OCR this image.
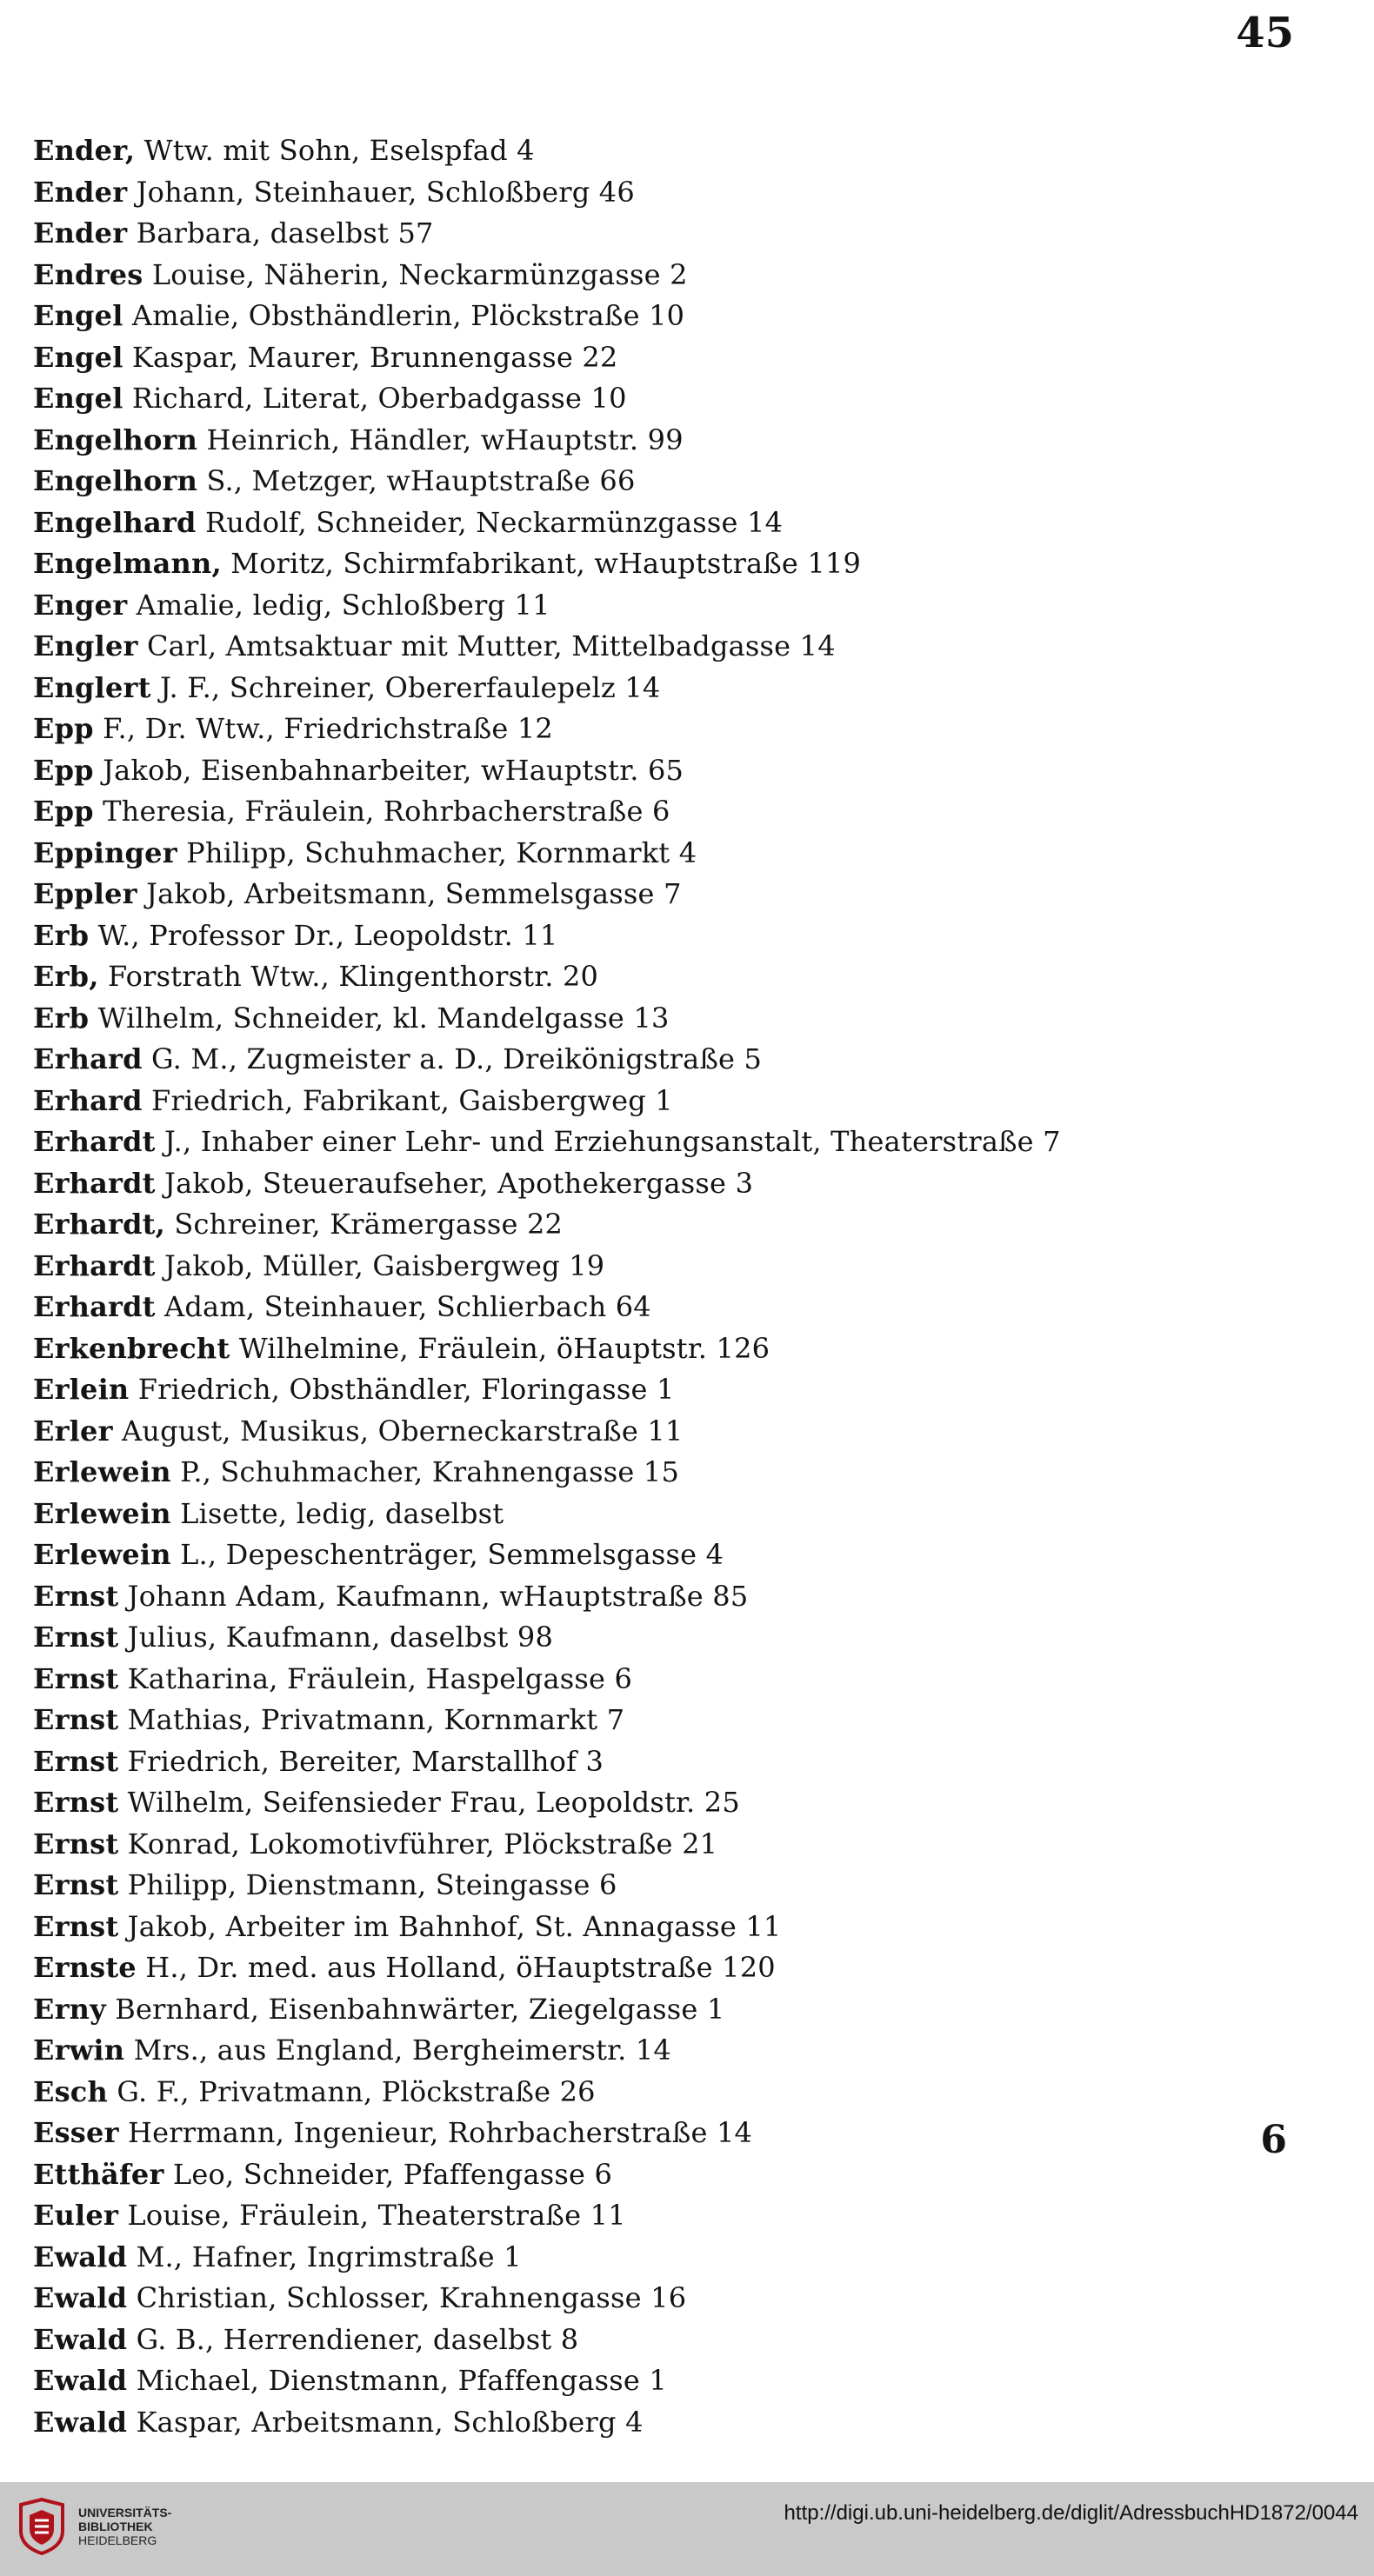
45
Ender, Wtw. mit Sohn, Eselspfad 4
Ender Johann, Steinhauer, Schloßberg 46
Ender Barbara, daselbst 57
Endres Louise, Näherin, Neckarmünzgasse 2
Engel Amalie, Obsthändlerin, Plöckstraße 10
Engel Kaspar, Maurer, Brunnengasse 22
Engel Richard, Literat, Oberbadgasse 10
Engelhorn Heinrich, Händler, wHauptstr. 99
Engelhorn S., Metzger, wHauptstraße 66
Engelhard Rudolf, Schneider, Neckarmünzgasse 14
Engelmann, Moritz, Schirmfabrikant, wHauptstraße 119
Enger Amalie, ledig, Schloßberg 11
Engler Carl, Amtsaktuar mit Mutter, Mittelbadgasse 14
Englert J. F., Schreiner, Obererfaulepelz 14
Epp F., Dr. Wtw., Friedrichstraße 12
Epp Jakob, Eisenbahnarbeiter, wHauptstr. 65
Epp Theresia, Fräulein, Rohrbacherstraße 6
Eppinger Philipp, Schuhmacher, Kornmarkt 4
Eppler Jakob, Arbeitsmann, Semmelsgasse 7
Erb W., Professor Dr., Leopoldstr. 11
Erb, Forstrath Wtw., Klingenthorstr. 20
Erb Wilhelm, Schneider, kl. Mandelgasse 13
Erhard G. M., Zugmeister a. D., Dreikönigstraße 5
Erhard Friedrich, Fabrikant, Gaisbergweg 1
Erhardt J., Inhaber einer Lehr- und Erziehungsanstalt, Theaterstraße 7
Erhardt Jakob, Steueraufseher, Apothekergasse 3
Erhardt, Schreiner, Krämergasse 22
Erhardt Jakob, Müller, Gaisbergweg 19
Erhardt Adam, Steinhauer, Schlierbach 64
Erkenbrecht Wilhelmine, Fräulein, öHauptstr. 126
Erlein Friedrich, Obsthändler, Floringasse 1
Erler August, Musikus, Oberneckarstraße 11
Erlewein P., Schuhmacher, Krahnengasse 15
Erlewein Lisette, ledig, daselbst
Erlewein L., Depeschenträger, Semmelsgasse 4
Ernst Johann Adam, Kaufmann, wHauptstraße 85
Ernst Julius, Kaufmann, daselbst 98
Ernst Katharina, Fräulein, Haspelgasse 6
Ernst Mathias, Privatmann, Kornmarkt 7
Ernst Friedrich, Bereiter, Marstallhof 3
Ernst Wilhelm, Seifensieder Frau, Leopoldstr. 25
Ernst Konrad, Lokomotivführer, Plöckstraße 21
Ernst Philipp, Dienstmann, Steingasse 6
Ernst Jakob, Arbeiter im Bahnhof, St. Annagasse 11
Ernste H., Dr. med. aus Holland, öHauptstraße 120
Erny Bernhard, Eisenbahnwärter, Ziegelgasse 1
Erwin Mrs., aus England, Bergheimerstr. 14
Esch G. F., Privatmann, Plöckstraße 26
Esser Herrmann, Ingenieur, Rohrbacherstraße 14
Etthäfer Leo, Schneider, Pfaffengasse 6
Euler Louise, Fräulein, Theaterstraße 11
Ewald M., Hafner, Ingrimstraße 1
Ewald Christian, Schlosser, Krahnengasse 16
Ewald G. B., Herrendiener, daselbst 8
Ewald Michael, Dienstmann, Pfaffengasse 1
Ewald Kaspar, Arbeitsmann, Schloßberg 4
6
UNIVERSITÄTS-
BIBLIOTHEK
HEIDELBERG
http://digi.ub.uni-heidelberg.de/diglit/AdressbuchHD1872/0044
